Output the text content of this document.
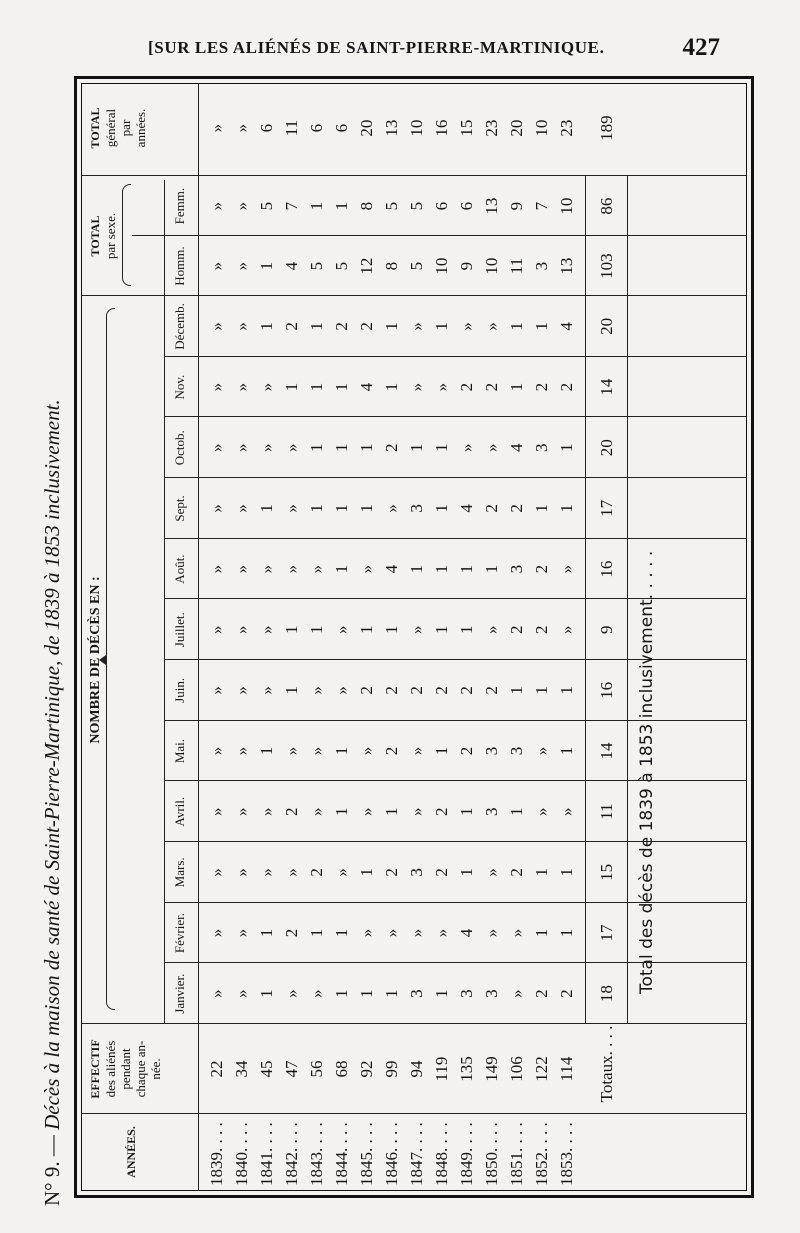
[SUR LES ALIÉNÉS DE SAINT-PIERRE-MARTINIQUE.	427
N° 9. — Décès à la maison de santé de Saint-Pierre-Martinique, de 1839 à 1853 inclusivement.
ANNÉES.
EFFECTIF des aliénés pendant chaque an- née.
NOMBRE DE DÉCÈS EN :
TOTAL par sexe.
TOTAL général par années.
Janvier.
Février.
Mars.
Avril.
Mai.
Juin.
Juillet.
Août.
Sept.
Octob.
Nov.
Décemb.
Homm.
Femm.
1839. . . .
22
»
»
»
»
»
»
»
»
»
»
»
»
»
»
»
1840. . . .
34
»
»
»
»
»
»
»
»
»
»
»
»
»
»
»
1841. . . .
45
1
1
»
»
1
»
»
»
1
»
»
1
1
5
6
1842. . . .
47
»
2
»
2
»
1
1
»
»
»
1
2
4
7
11
1843. . . .
56
»
1
2
»
»
»
1
»
1
1
1
1
5
1
6
1844. . . .
68
1
1
»
1
1
»
»
1
1
1
1
2
5
1
6
1845. . . .
92
1
»
1
»
»
2
1
»
1
1
4
2
12
8
20
1846. . . .
99
1
»
2
1
2
2
1
4
»
2
1
1
8
5
13
1847. . . .
94
3
»
3
»
»
2
»
1
3
1
»
»
5
5
10
1848. . . .
119
1
»
2
2
1
2
1
1
1
1
»
1
10
6
16
1849. . . .
135
3
4
1
1
2
2
1
1
4
»
2
»
9
6
15
1850. . . .
149
3
»
»
3
3
2
»
1
2
»
2
»
10
13
23
1851. . . .
106
»
»
2
1
3
1
2
3
2
4
1
1
11
9
20
1852. . . .
122
2
1
1
»
»
1
2
2
1
3
2
1
3
7
10
1853. . . .
114
2
1
1
»
1
1
»
»
1
1
2
4
13
10
23
Totaux. . . .
18
17
15
11
14
16
9
16
17
20
14
20
103
86
189
Total des décès de 1839 à 1853 inclusivement. . . . .
